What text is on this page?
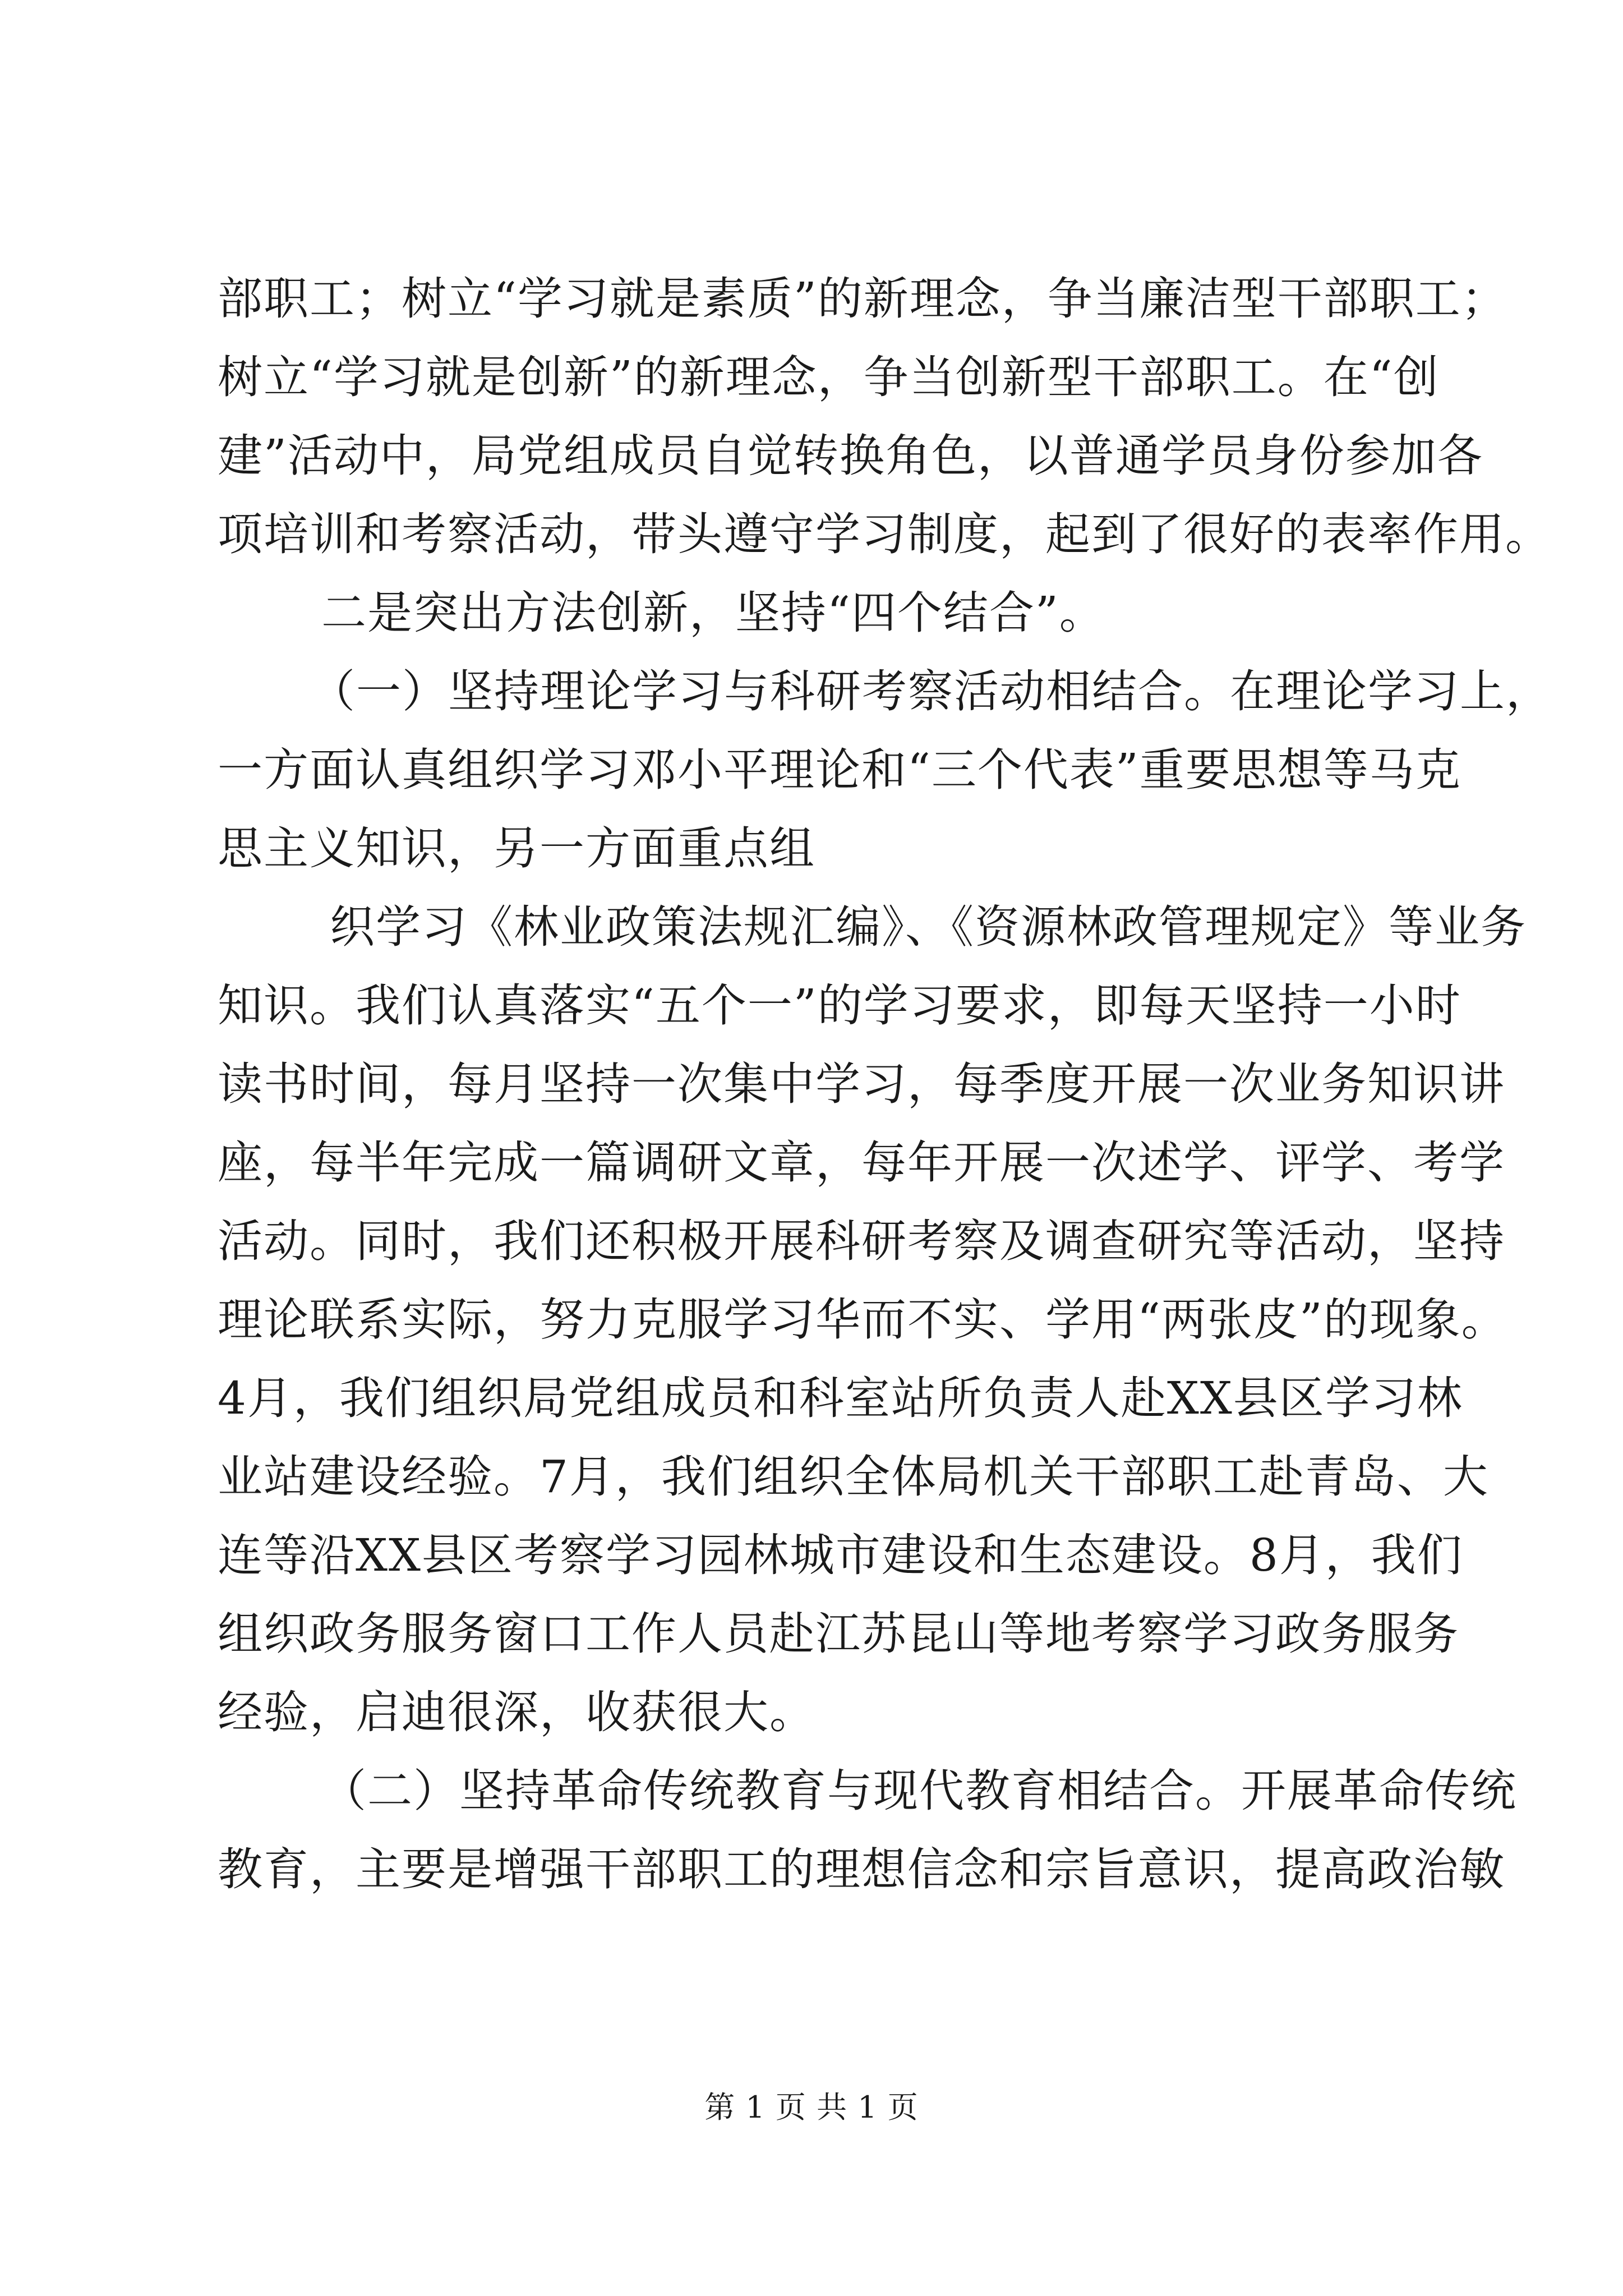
部职工；树立“学习就是素质”的新理念，争当廉洁型干部职工；
树立“学习就是创新”的新理念，争当创新型干部职工。在“创
建”活动中，局党组成员自觉转换角色，以普通学员身份参加各
项培训和考察活动，带头遵守学习制度，起到了很好的表率作用。
二是突出方法创新，坚持“四个结合”。
（一）坚持理论学习与科研考察活动相结合。在理论学习上，
一方面认真组织学习邓小平理论和“三个代表”重要思想等马克
思主义知识，另一方面重点组
织学习《林业政策法规汇编》、《资源林政管理规定》等业务
知识。我们认真落实“五个一”的学习要求，即每天坚持一小时
读书时间，每月坚持一次集中学习，每季度开展一次业务知识讲
座，每半年完成一篇调研文章，每年开展一次述学、评学、考学
活动。同时，我们还积极开展科研考察及调查研究等活动，坚持
理论联系实际，努力克服学习华而不实、学用“两张皮”的现象。
4月，我们组织局党组成员和科室站所负责人赴XX县区学习林
业站建设经验。7月，我们组织全体局机关干部职工赴青岛、大
连等沿XX县区考察学习园林城市建设和生态建设。8月，我们
组织政务服务窗口工作人员赴江苏昆山等地考察学习政务服务
经验，启迪很深，收获很大。
（二）坚持革命传统教育与现代教育相结合。开展革命传统
教育，主要是增强干部职工的理想信念和宗旨意识，提高政治敏
第 1 页 共 1 页
